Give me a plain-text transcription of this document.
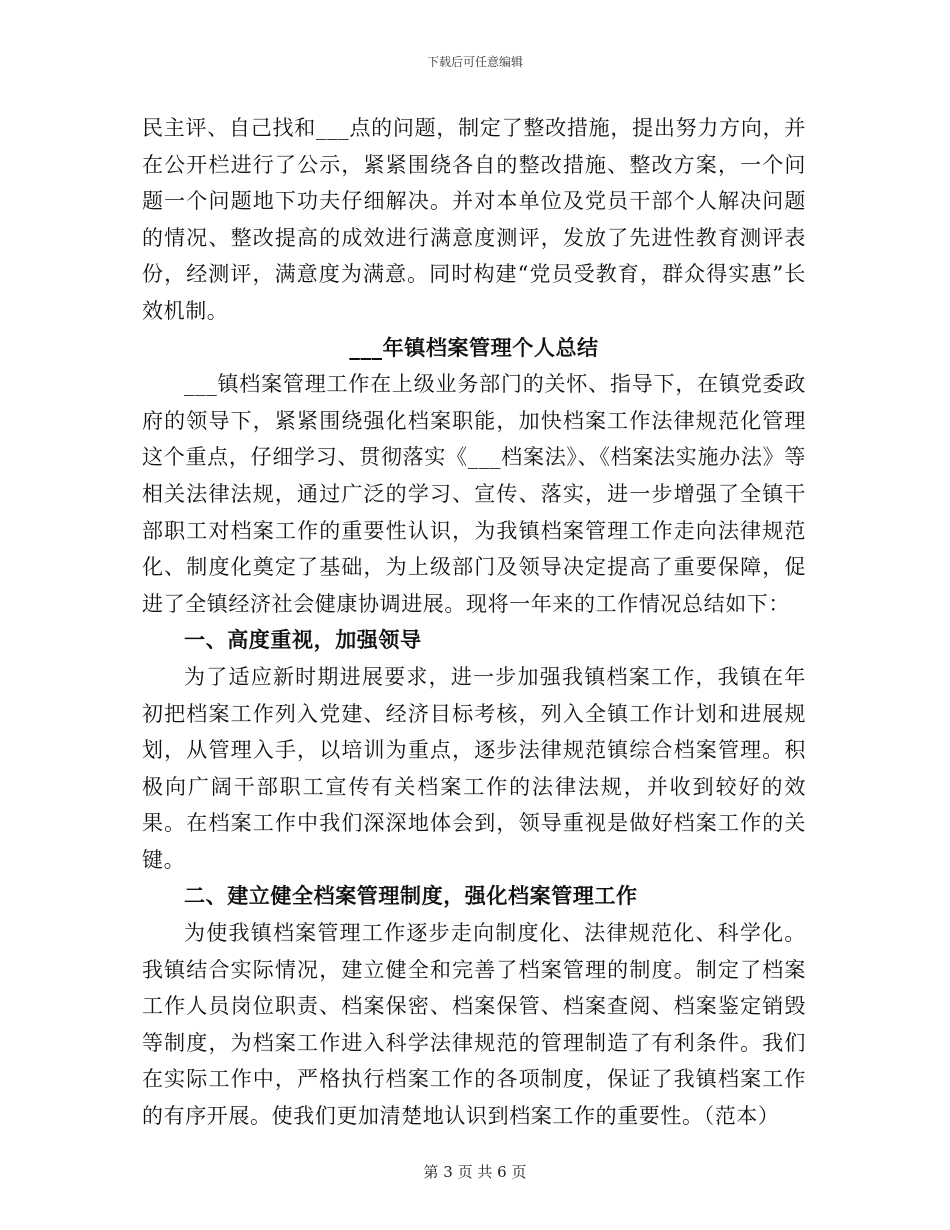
下载后可任意编辑

民主评、自己找和___点的问题，制定了整改措施，提出努力方向，并在公开栏进行了公示，紧紧围绕各自的整改措施、整改方案，一个问题一个问题地下功夫仔细解决。并对本单位及党员干部个人解决问题的情况、整改提高的成效进行满意度测评，发放了先进性教育测评表份，经测评，满意度为满意。同时构建“党员受教育，群众得实惠”长效机制。

___年镇档案管理个人总结

___镇档案管理工作在上级业务部门的关怀、指导下，在镇党委政府的领导下，紧紧围绕强化档案职能，加快档案工作法律规范化管理这个重点，仔细学习、贯彻落实《___档案法》、《档案法实施办法》等相关法律法规，通过广泛的学习、宣传、落实，进一步增强了全镇干部职工对档案工作的重要性认识，为我镇档案管理工作走向法律规范化、制度化奠定了基础，为上级部门及领导决定提高了重要保障，促进了全镇经济社会健康协调进展。现将一年来的工作情况总结如下：

一、高度重视，加强领导

为了适应新时期进展要求，进一步加强我镇档案工作，我镇在年初把档案工作列入党建、经济目标考核，列入全镇工作计划和进展规划，从管理入手，以培训为重点，逐步法律规范镇综合档案管理。积极向广阔干部职工宣传有关档案工作的法律法规，并收到较好的效果。在档案工作中我们深深地体会到，领导重视是做好档案工作的关键。

二、建立健全档案管理制度，强化档案管理工作

为使我镇档案管理工作逐步走向制度化、法律规范化、科学化。我镇结合实际情况，建立健全和完善了档案管理的制度。制定了档案工作人员岗位职责、档案保密、档案保管、档案查阅、档案鉴定销毁等制度，为档案工作进入科学法律规范的管理制造了有利条件。我们在实际工作中，严格执行档案工作的各项制度，保证了我镇档案工作的有序开展。使我们更加清楚地认识到档案工作的重要性。（范本）

第 3 页 共 6 页
